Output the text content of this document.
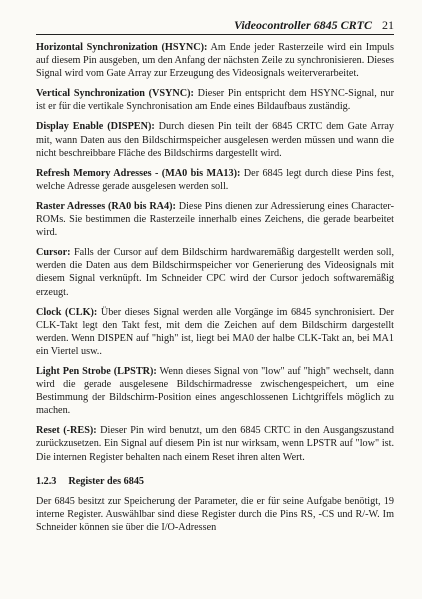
Videocontroller 6845 CRTC 21

Horizontal Synchronization (HSYNC): Am Ende jeder Rasterzeile wird ein Impuls auf diesem Pin ausgeben, um den Anfang der nächsten Zeile zu synchronisieren. Dieses Signal wird vom Gate Array zur Erzeugung des Videosignals weiterverarbeitet.

Vertical Synchronization (VSYNC): Dieser Pin entspricht dem HSYNC-Signal, nur ist er für die vertikale Synchronisation am Ende eines Bildaufbaus zuständig.

Display Enable (DISPEN): Durch diesen Pin teilt der 6845 CRTC dem Gate Array mit, wann Daten aus den Bildschirmspeicher ausgelesen werden müssen und wann die nicht beschreibbare Fläche des Bildschirms dargestellt wird.

Refresh Memory Adresses - (MA0 bis MA13): Der 6845 legt durch diese Pins fest, welche Adresse gerade ausgelesen werden soll.

Raster Adresses (RA0 bis RA4): Diese Pins dienen zur Adressierung eines Character-ROMs. Sie bestimmen die Rasterzeile innerhalb eines Zeichens, die gerade bearbeitet wird.

Cursor: Falls der Cursor auf dem Bildschirm hardwaremäßig dargestellt werden soll, werden die Daten aus dem Bildschirmspeicher vor Generierung des Videosignals mit diesem Signal verknüpft. Im Schneider CPC wird der Cursor jedoch softwaremäßig erzeugt.

Clock (CLK): Über dieses Signal werden alle Vorgänge im 6845 synchronisiert. Der CLK-Takt legt den Takt fest, mit dem die Zeichen auf dem Bildschirm dargestellt werden. Wenn DISPEN auf "high" ist, liegt bei MA0 der halbe CLK-Takt an, bei MA1 ein Viertel usw..

Light Pen Strobe (LPSTR): Wenn dieses Signal von "low" auf "high" wechselt, dann wird die gerade ausgelesene Bildschirmadresse zwischengespeichert, um eine Bestimmung der Bildschirm-Position eines angeschlossenen Lichtgriffels möglich zu machen.

Reset (-RES): Dieser Pin wird benutzt, um den 6845 CRTC in den Ausgangszustand zurückzusetzen. Ein Signal auf diesem Pin ist nur wirksam, wenn LPSTR auf "low" ist. Die internen Register behalten nach einem Reset ihren alten Wert.

1.2.3 Register des 6845

Der 6845 besitzt zur Speicherung der Parameter, die er für seine Aufgabe benötigt, 19 interne Register. Auswählbar sind diese Register durch die Pins RS, -CS und R/-W. Im Schneider können sie über die I/O-Adressen
